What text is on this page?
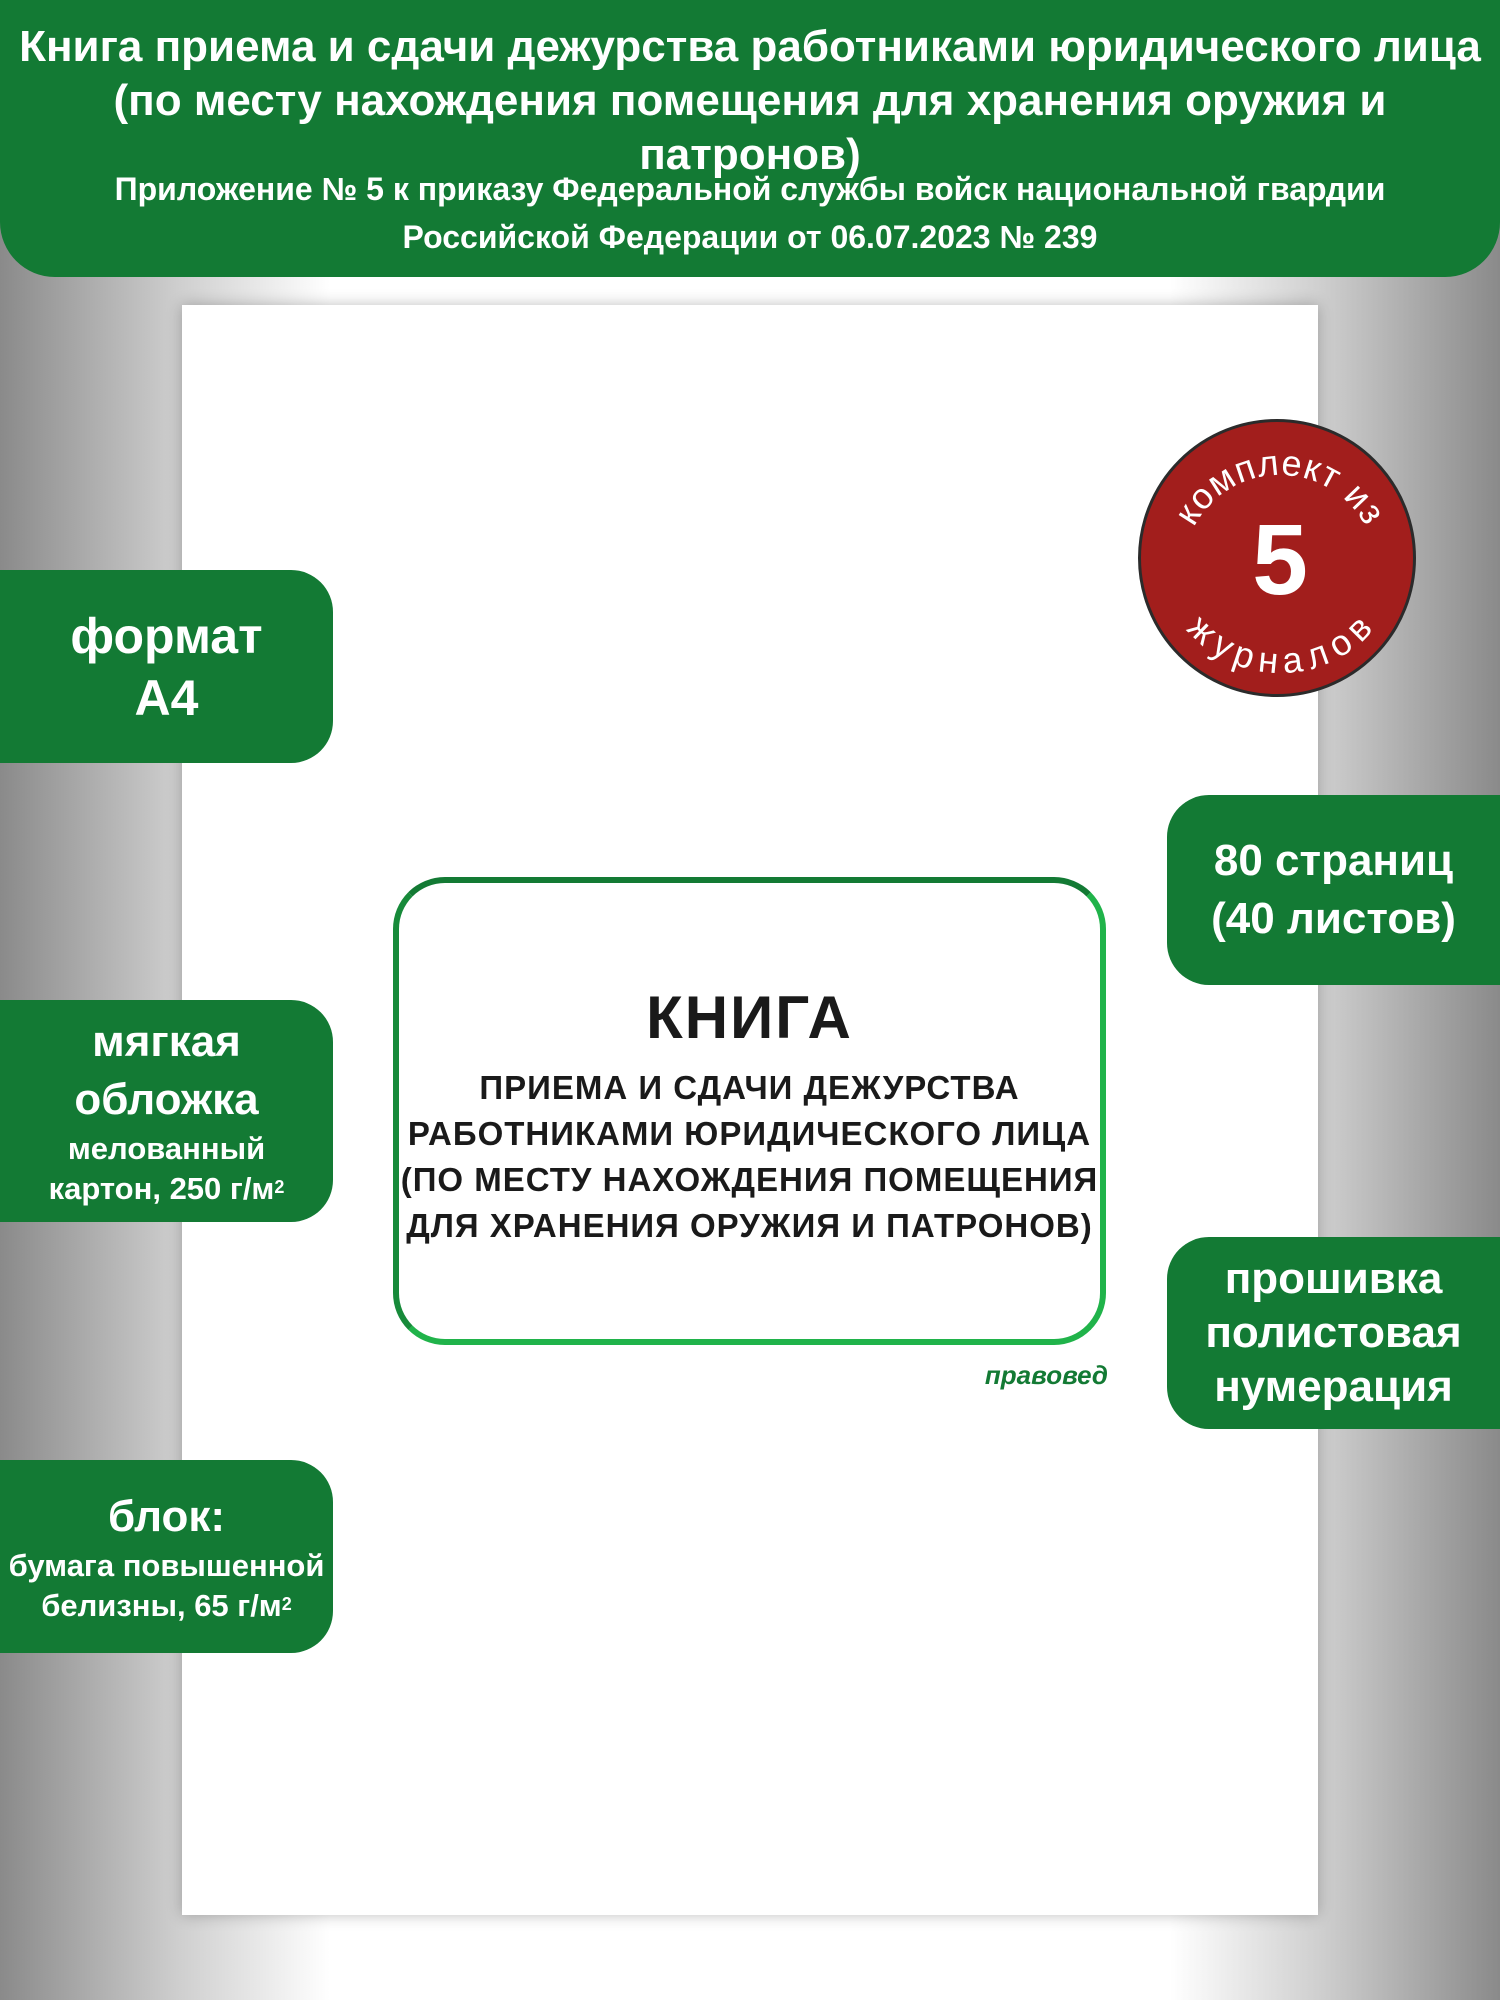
Книга приема и сдачи дежурства работниками юридического лица
(по месту нахождения помещения для хранения оружия и патронов)
Приложение № 5 к приказу Федеральной службы войск национальной гвардии
Российской Федерации от 06.07.2023 № 239
формат
А4
мягкая
обложка
мелованный
картон, 250 $г/м^2$
блок:
бумага повышенной
белизны, 65 $г/м^2$
80 страниц
(40 листов)
прошивка
полистовая
нумерация
комплект из
5
журналов
КНИГА
ПРИЕМА И СДАЧИ ДЕЖУРСТВА
РАБОТНИКАМИ ЮРИДИЧЕСКОГО ЛИЦА
(ПО МЕСТУ НАХОЖДЕНИЯ ПОМЕЩЕНИЯ
ДЛЯ ХРАНЕНИЯ ОРУЖИЯ И ПАТРОНОВ)
правовед
